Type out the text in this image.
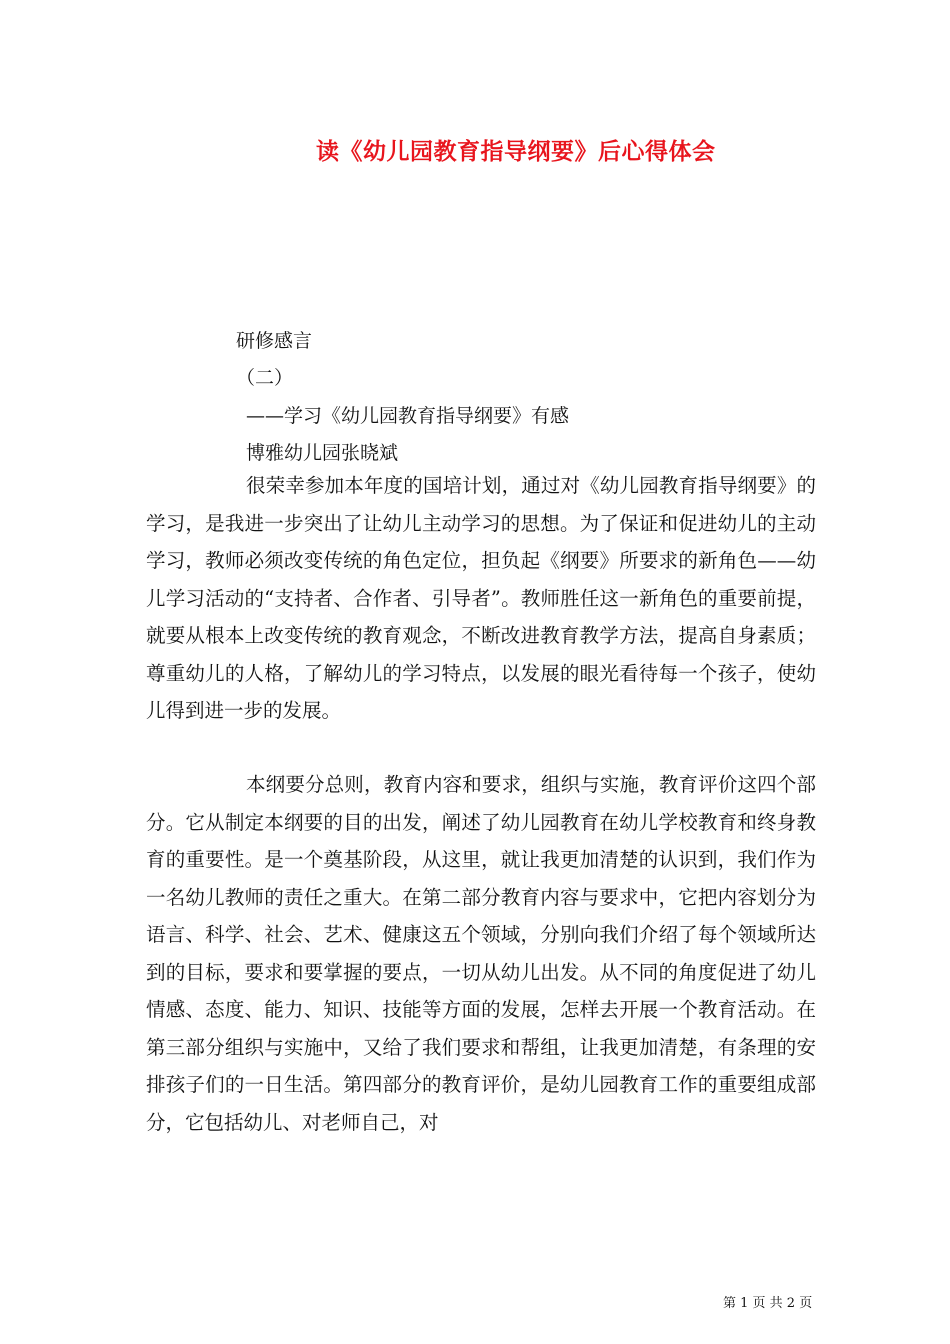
读《幼儿园教育指导纲要》后心得体会

研修感言

（二）

——学习《幼儿园教育指导纲要》有感

博雅幼儿园张晓斌

很荣幸参加本年度的国培计划，通过对《幼儿园教育指导纲要》的学习，是我进一步突出了让幼儿主动学习的思想。为了保证和促进幼儿的主动学习，教师必须改变传统的角色定位，担负起《纲要》所要求的新角色——幼儿学习活动的“支持者、合作者、引导者”。教师胜任这一新角色的重要前提，就要从根本上改变传统的教育观念，不断改进教育教学方法，提高自身素质；尊重幼儿的人格，了解幼儿的学习特点，以发展的眼光看待每一个孩子，使幼儿得到进一步的发展。

本纲要分总则，教育内容和要求，组织与实施，教育评价这四个部分。它从制定本纲要的目的出发，阐述了幼儿园教育在幼儿学校教育和终身教育的重要性。是一个奠基阶段，从这里，就让我更加清楚的认识到，我们作为一名幼儿教师的责任之重大。在第二部分教育内容与要求中，它把内容划分为语言、科学、社会、艺术、健康这五个领域，分别向我们介绍了每个领域所达到的目标，要求和要掌握的要点，一切从幼儿出发。从不同的角度促进了幼儿情感、态度、能力、知识、技能等方面的发展，怎样去开展一个教育活动。在第三部分组织与实施中，又给了我们要求和帮组，让我更加清楚，有条理的安排孩子们的一日生活。第四部分的教育评价，是幼儿园教育工作的重要组成部分，它包括幼儿、对老师自己，对

第 1 页 共 2 页
